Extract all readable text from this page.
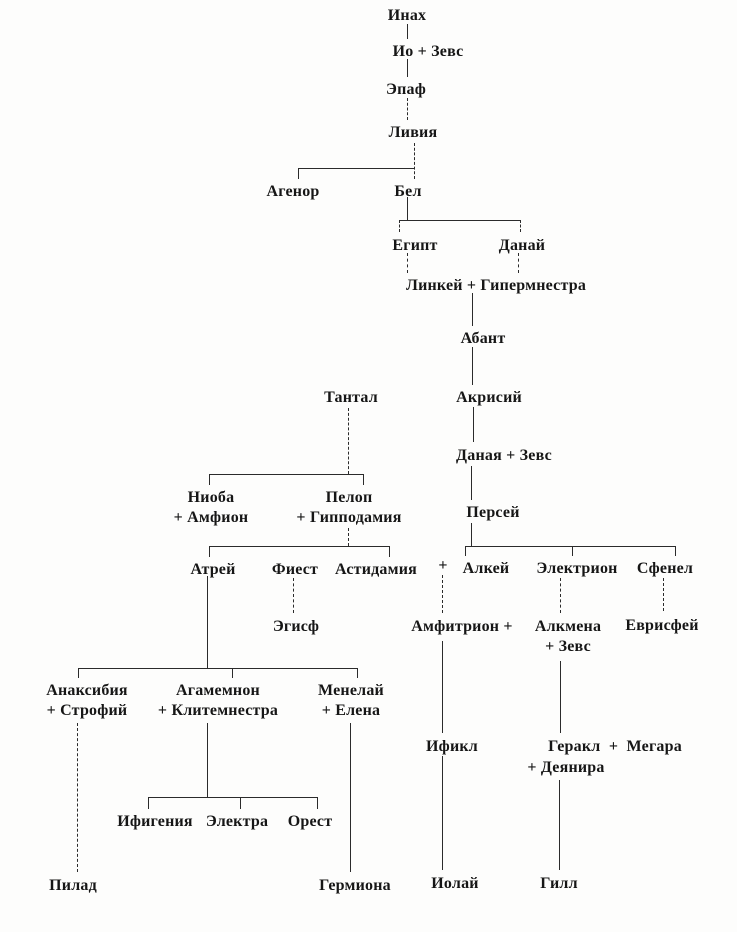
Инах
Ио + Зевс
Эпаф
Ливия
Агенор	Бел
Египт	Данай
Линкей + Гипермнестра
Абант
Акрисий
Даная + Зевс
Персей
+ Алкей Электрион Сфенел
Амфитрион + Алкмена
+ Зевс
Еврисфей
Ификл	Геракл  +  Мегара
+ Деянира
Иолай	Гилл
Тантал
Ниоба
+ Амфион
Пелоп
+ Гипподамия
Атрей Фиест Астидамия
Эгисф
Анаксибия
+ Строфий
Агамемнон
+ Клитемнестра
Менелай
+ Елена
Ифигения Электра Орест
Пилад	Гермиона
